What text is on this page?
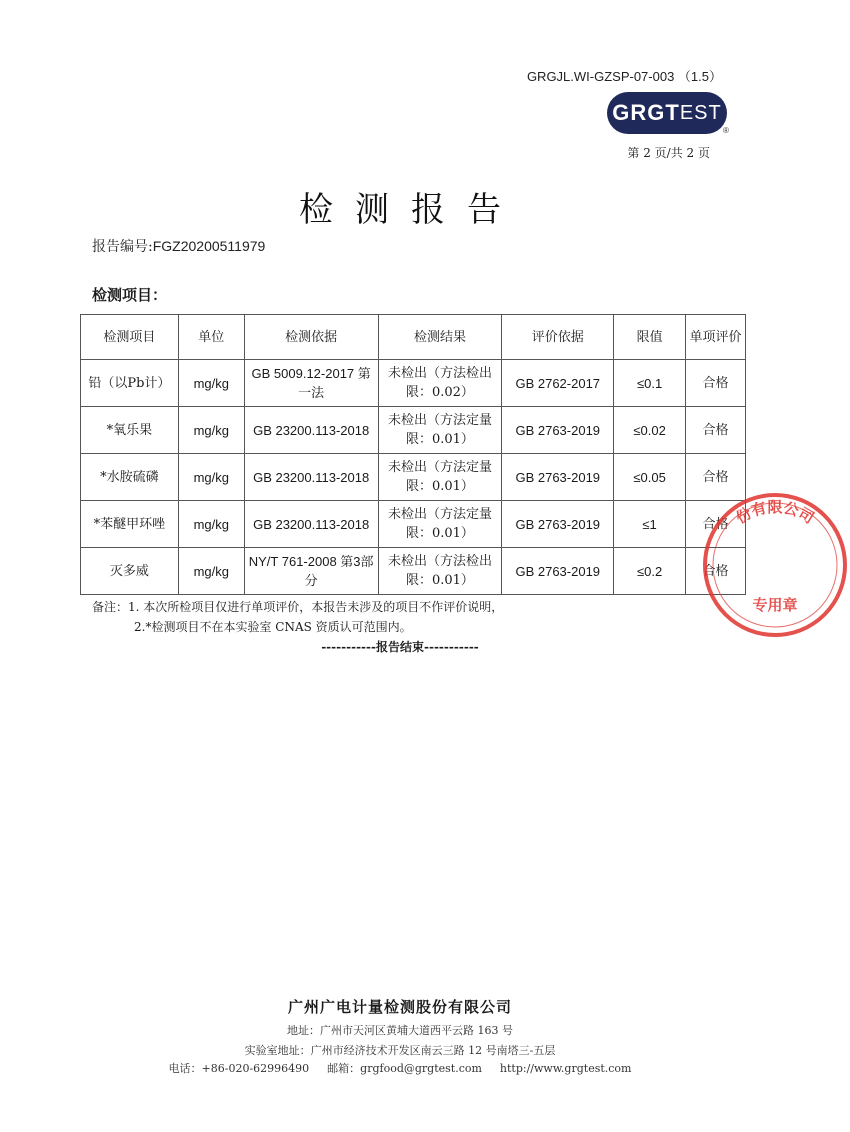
GRGJL.WI-GZSP-07-003 （1.5）
GRGT EST
®
第 2 页/共 2 页
检测报告
报告编号:FGZ20200511979
检测项目：
检测项目	单位	检测依据	检测结果	评价依据	限值	单项评价
铅（以Pb计）	mg/kg	GB 5009.12-2017 第一法	未检出（方法检出限：0.02）	GB 2762-2017	≤0.1	合格
*氧乐果	mg/kg	GB 23200.113-2018	未检出（方法定量限：0.01）	GB 2763-2019	≤0.02	合格
*水胺硫磷	mg/kg	GB 23200.113-2018	未检出（方法定量限：0.01）	GB 2763-2019	≤0.05	合格
*苯醚甲环唑	mg/kg	GB 23200.113-2018	未检出（方法定量限：0.01）	GB 2763-2019	≤1	合格
灭多威	mg/kg	NY/T 761-2008 第3部分	未检出（方法检出限：0.01）	GB 2763-2019	≤0.2	合格
份有限公司
专用章
备注：1. 本次所检项目仅进行单项评价，本报告未涉及的项目不作评价说明，
2.*检测项目不在本实验室 CNAS 资质认可范围内。
-----------报告结束-----------
广州广电计量检测股份有限公司
地址：广州市天河区黄埔大道西平云路 163 号
实验室地址：广州市经济技术开发区南云三路 12 号南塔三-五层
电话：+86-020-62996490 邮箱：grgfood@grgtest.com http://www.grgtest.com
